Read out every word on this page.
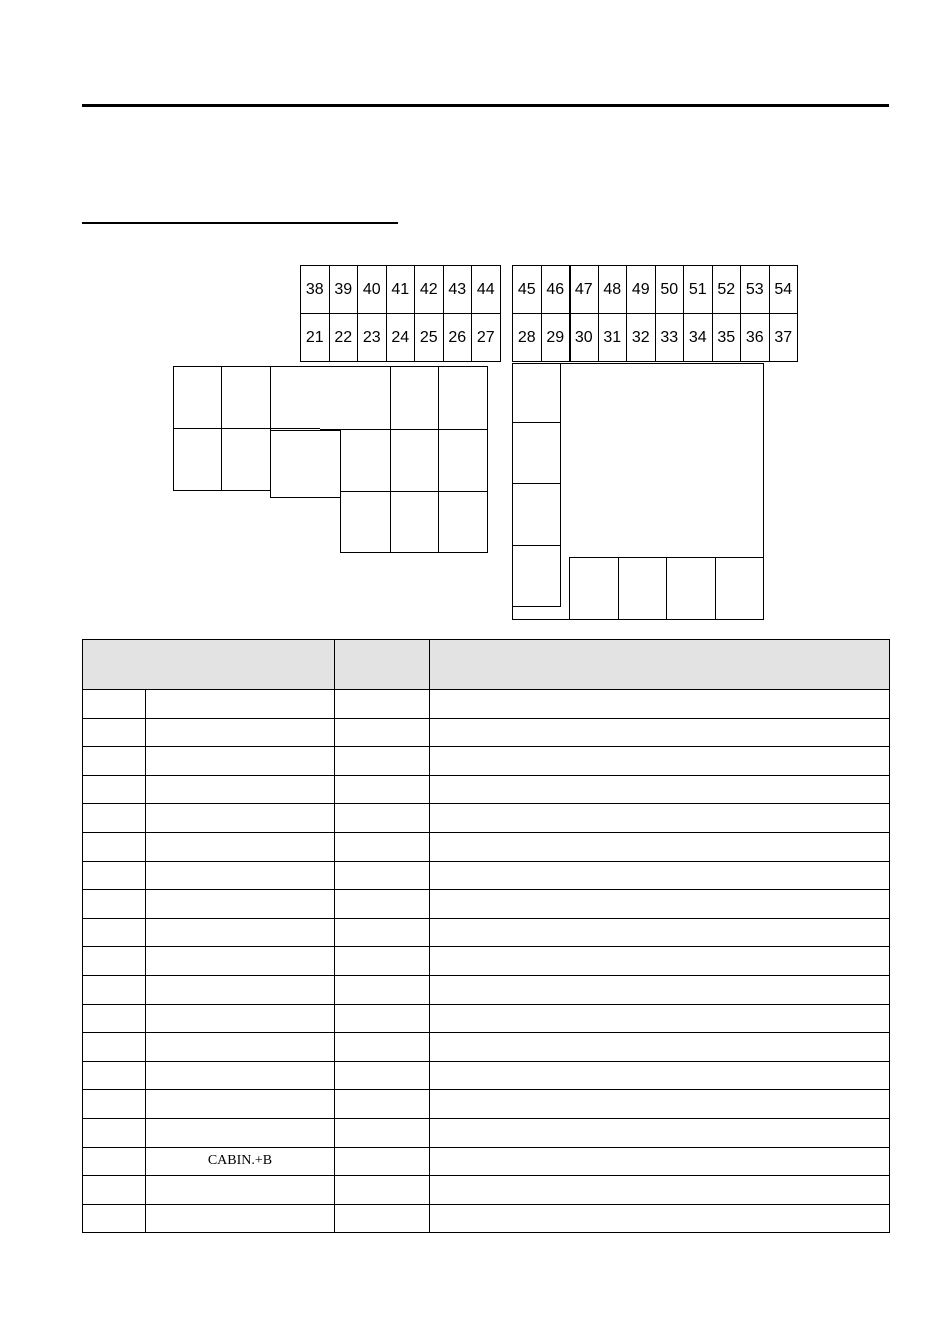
38 39 40 41 42 43 44
21 22 23 24 25 26 27
45 46 47 48 49 50 51 52 53 54
28 29 30 31 32 33 34 35 36 37

	CABIN.+B		
